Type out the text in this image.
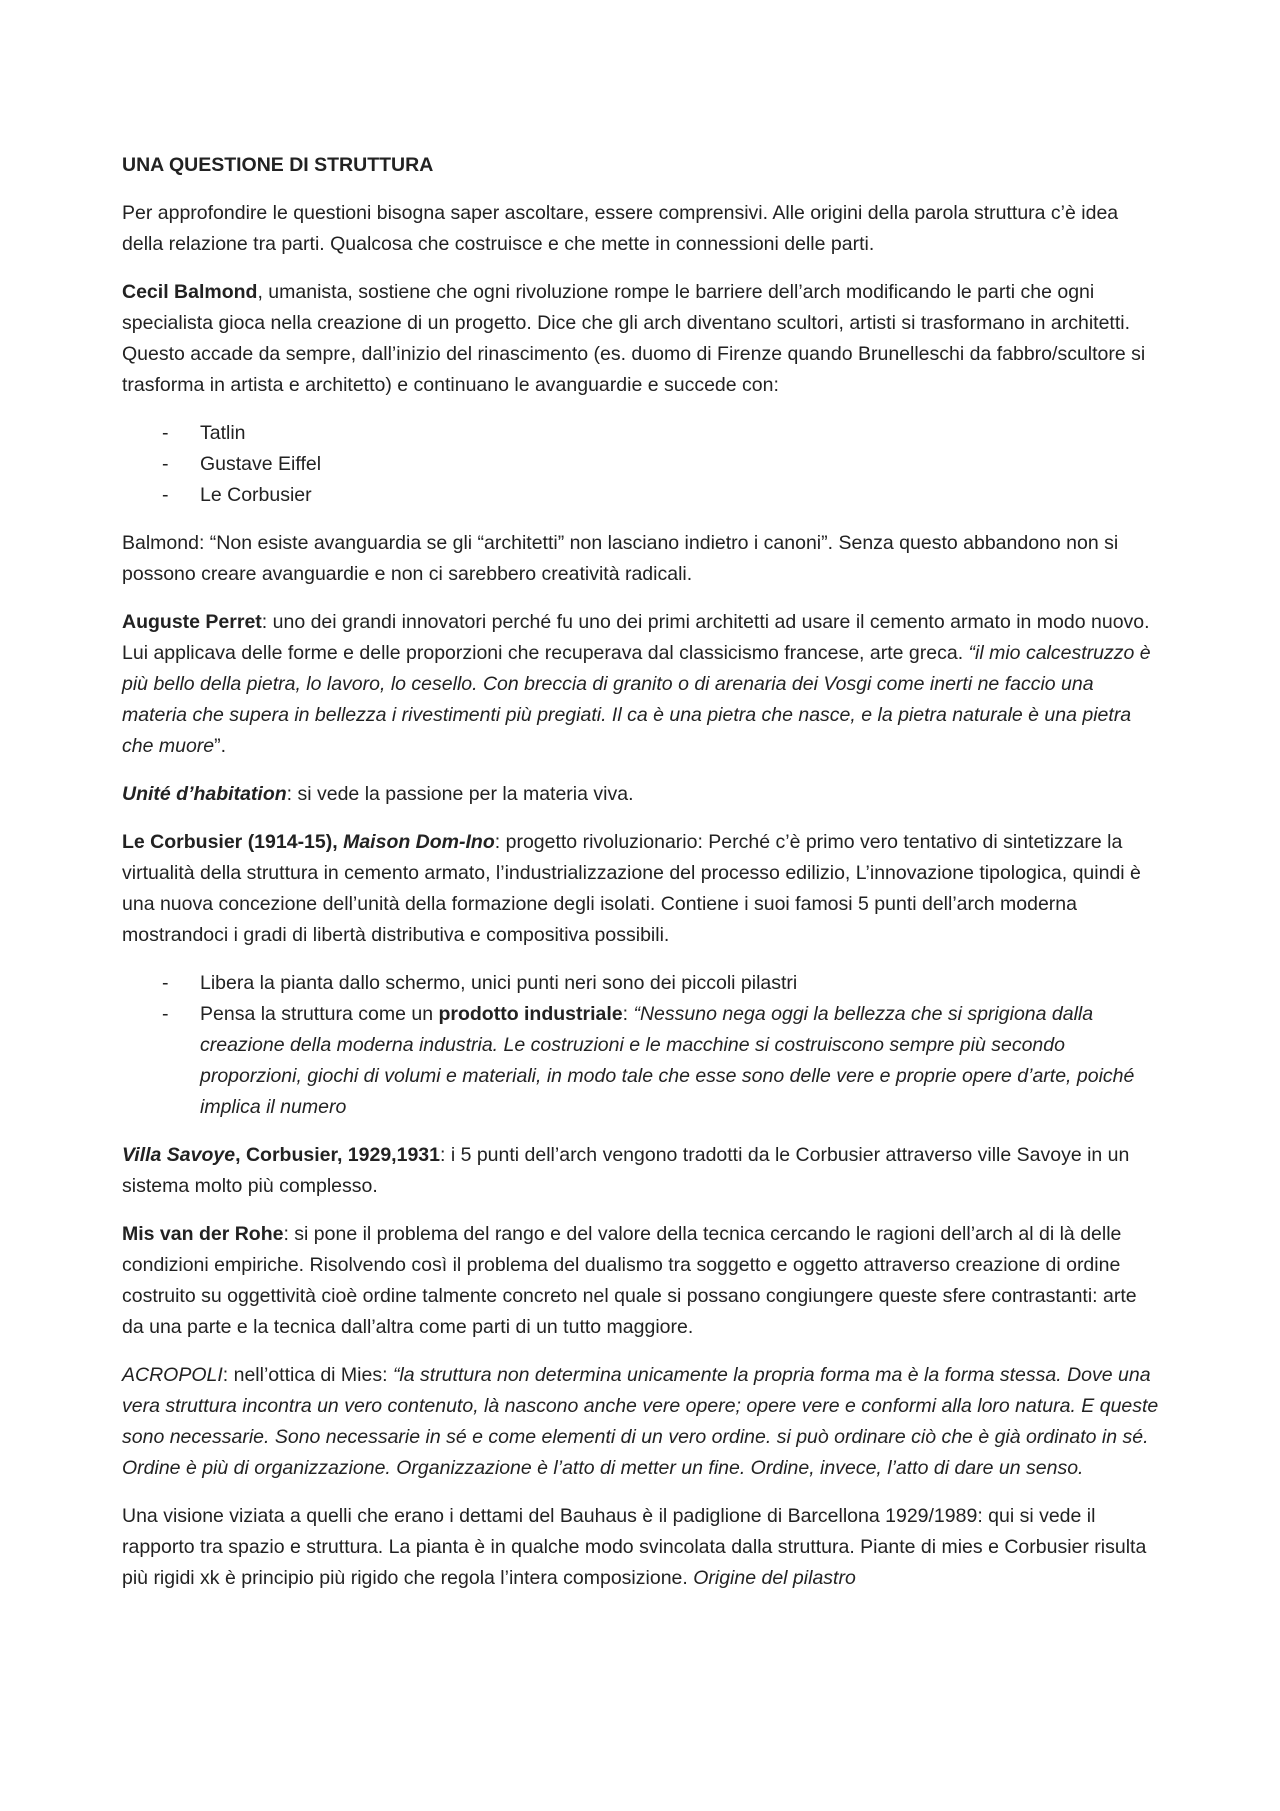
UNA QUESTIONE DI STRUTTURA

Per approfondire le questioni bisogna saper ascoltare, essere comprensivi. Alle origini della parola struttura c’è idea della relazione tra parti. Qualcosa che costruisce e che mette in connessioni delle parti.

Cecil Balmond, umanista, sostiene che ogni rivoluzione rompe le barriere dell’arch modificando le parti che ogni specialista gioca nella creazione di un progetto. Dice che gli arch diventano scultori, artisti si trasformano in architetti. Questo accade da sempre, dall’inizio del rinascimento (es. duomo di Firenze quando Brunelleschi da fabbro/scultore si trasforma in artista e architetto) e continuano le avanguardie e succede con:

- Tatlin
- Gustave Eiffel
- Le Corbusier

Balmond: “Non esiste avanguardia se gli “architetti” non lasciano indietro i canoni”. Senza questo abbandono non si possono creare avanguardie e non ci sarebbero creatività radicali.

Auguste Perret: uno dei grandi innovatori perché fu uno dei primi architetti ad usare il cemento armato in modo nuovo. Lui applicava delle forme e delle proporzioni che recuperava dal classicismo francese, arte greca. “il mio calcestruzzo è più bello della pietra, lo lavoro, lo cesello. Con breccia di granito o di arenaria dei Vosgi come inerti ne faccio una materia che supera in bellezza i rivestimenti più pregiati. Il ca è una pietra che nasce, e la pietra naturale è una pietra che muore”.

Unité d’habitation: si vede la passione per la materia viva.

Le Corbusier (1914-15), Maison Dom-Ino: progetto rivoluzionario: Perché c’è primo vero tentativo di sintetizzare la virtualità della struttura in cemento armato, l’industrializzazione del processo edilizio, L’innovazione tipologica, quindi è una nuova concezione dell’unità della formazione degli isolati. Contiene i suoi famosi 5 punti dell’arch moderna mostrandoci i gradi di libertà distributiva e compositiva possibili.

- Libera la pianta dallo schermo, unici punti neri sono dei piccoli pilastri
- Pensa la struttura come un prodotto industriale: “Nessuno nega oggi la bellezza che si sprigiona dalla creazione della moderna industria. Le costruzioni e le macchine si costruiscono sempre più secondo proporzioni, giochi di volumi e materiali, in modo tale che esse sono delle vere e proprie opere d’arte, poiché implica il numero

Villa Savoye, Corbusier, 1929,1931: i 5 punti dell’arch vengono tradotti da le Corbusier attraverso ville Savoye in un sistema molto più complesso.

Mis van der Rohe: si pone il problema del rango e del valore della tecnica cercando le ragioni dell’arch al di là delle condizioni empiriche. Risolvendo così il problema del dualismo tra soggetto e oggetto attraverso creazione di ordine costruito su oggettività cioè ordine talmente concreto nel quale si possano congiungere queste sfere contrastanti: arte da una parte e la tecnica dall’altra come parti di un tutto maggiore.

ACROPOLI: nell’ottica di Mies: “la struttura non determina unicamente la propria forma ma è la forma stessa. Dove una vera struttura incontra un vero contenuto, là nascono anche vere opere; opere vere e conformi alla loro natura. E queste sono necessarie. Sono necessarie in sé e come elementi di un vero ordine. si può ordinare ciò che è già ordinato in sé. Ordine è più di organizzazione. Organizzazione è l’atto di metter un fine. Ordine, invece, l’atto di dare un senso.

Una visione viziata a quelli che erano i dettami del Bauhaus è il padiglione di Barcellona 1929/1989: qui si vede il rapporto tra spazio e struttura. La pianta è in qualche modo svincolata dalla struttura. Piante di mies e Corbusier risulta più rigidi xk è principio più rigido che regola l’intera composizione. Origine del pilastro
